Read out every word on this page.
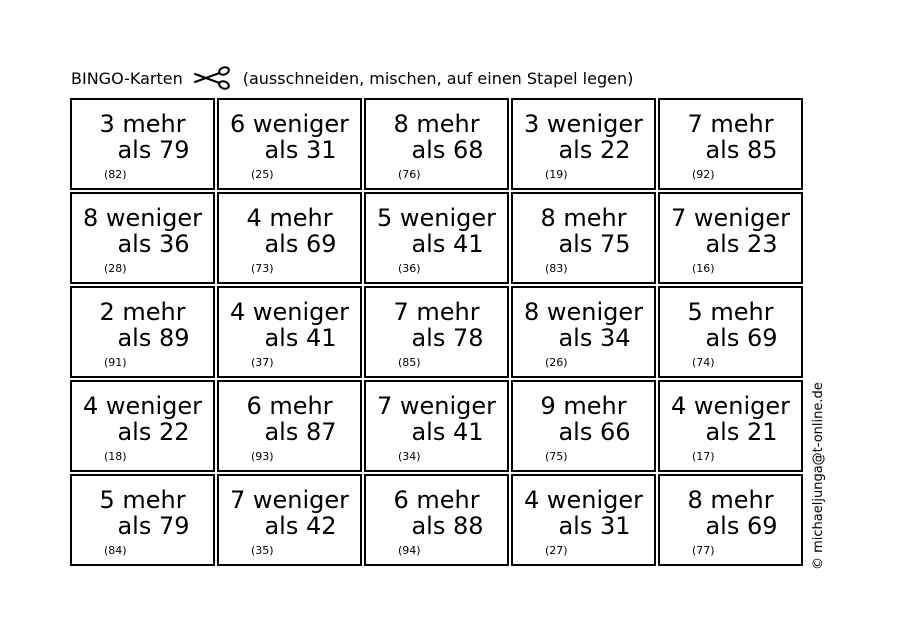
BINGO-Karten	(ausschneiden, mischen, auf einen Stapel legen)
3 mehr
als 79
(82)
6 weniger
als 31
(25)
8 mehr
als 68
(76)
3 weniger
als 22
(19)
7 mehr
als 85
(92)
8 weniger
als 36
(28)
4 mehr
als 69
(73)
5 weniger
als 41
(36)
8 mehr
als 75
(83)
7 weniger
als 23
(16)
2 mehr
als 89
(91)
4 weniger
als 41
(37)
7 mehr
als 78
(85)
8 weniger
als 34
(26)
5 mehr
als 69
(74)
4 weniger
als 22
(18)
6 mehr
als 87
(93)
7 weniger
als 41
(34)
9 mehr
als 66
(75)
4 weniger
als 21
(17)
5 mehr
als 79
(84)
7 weniger
als 42
(35)
6 mehr
als 88
(94)
4 weniger
als 31
(27)
8 mehr
als 69
(77)	© michaeljunga@t-online.de
